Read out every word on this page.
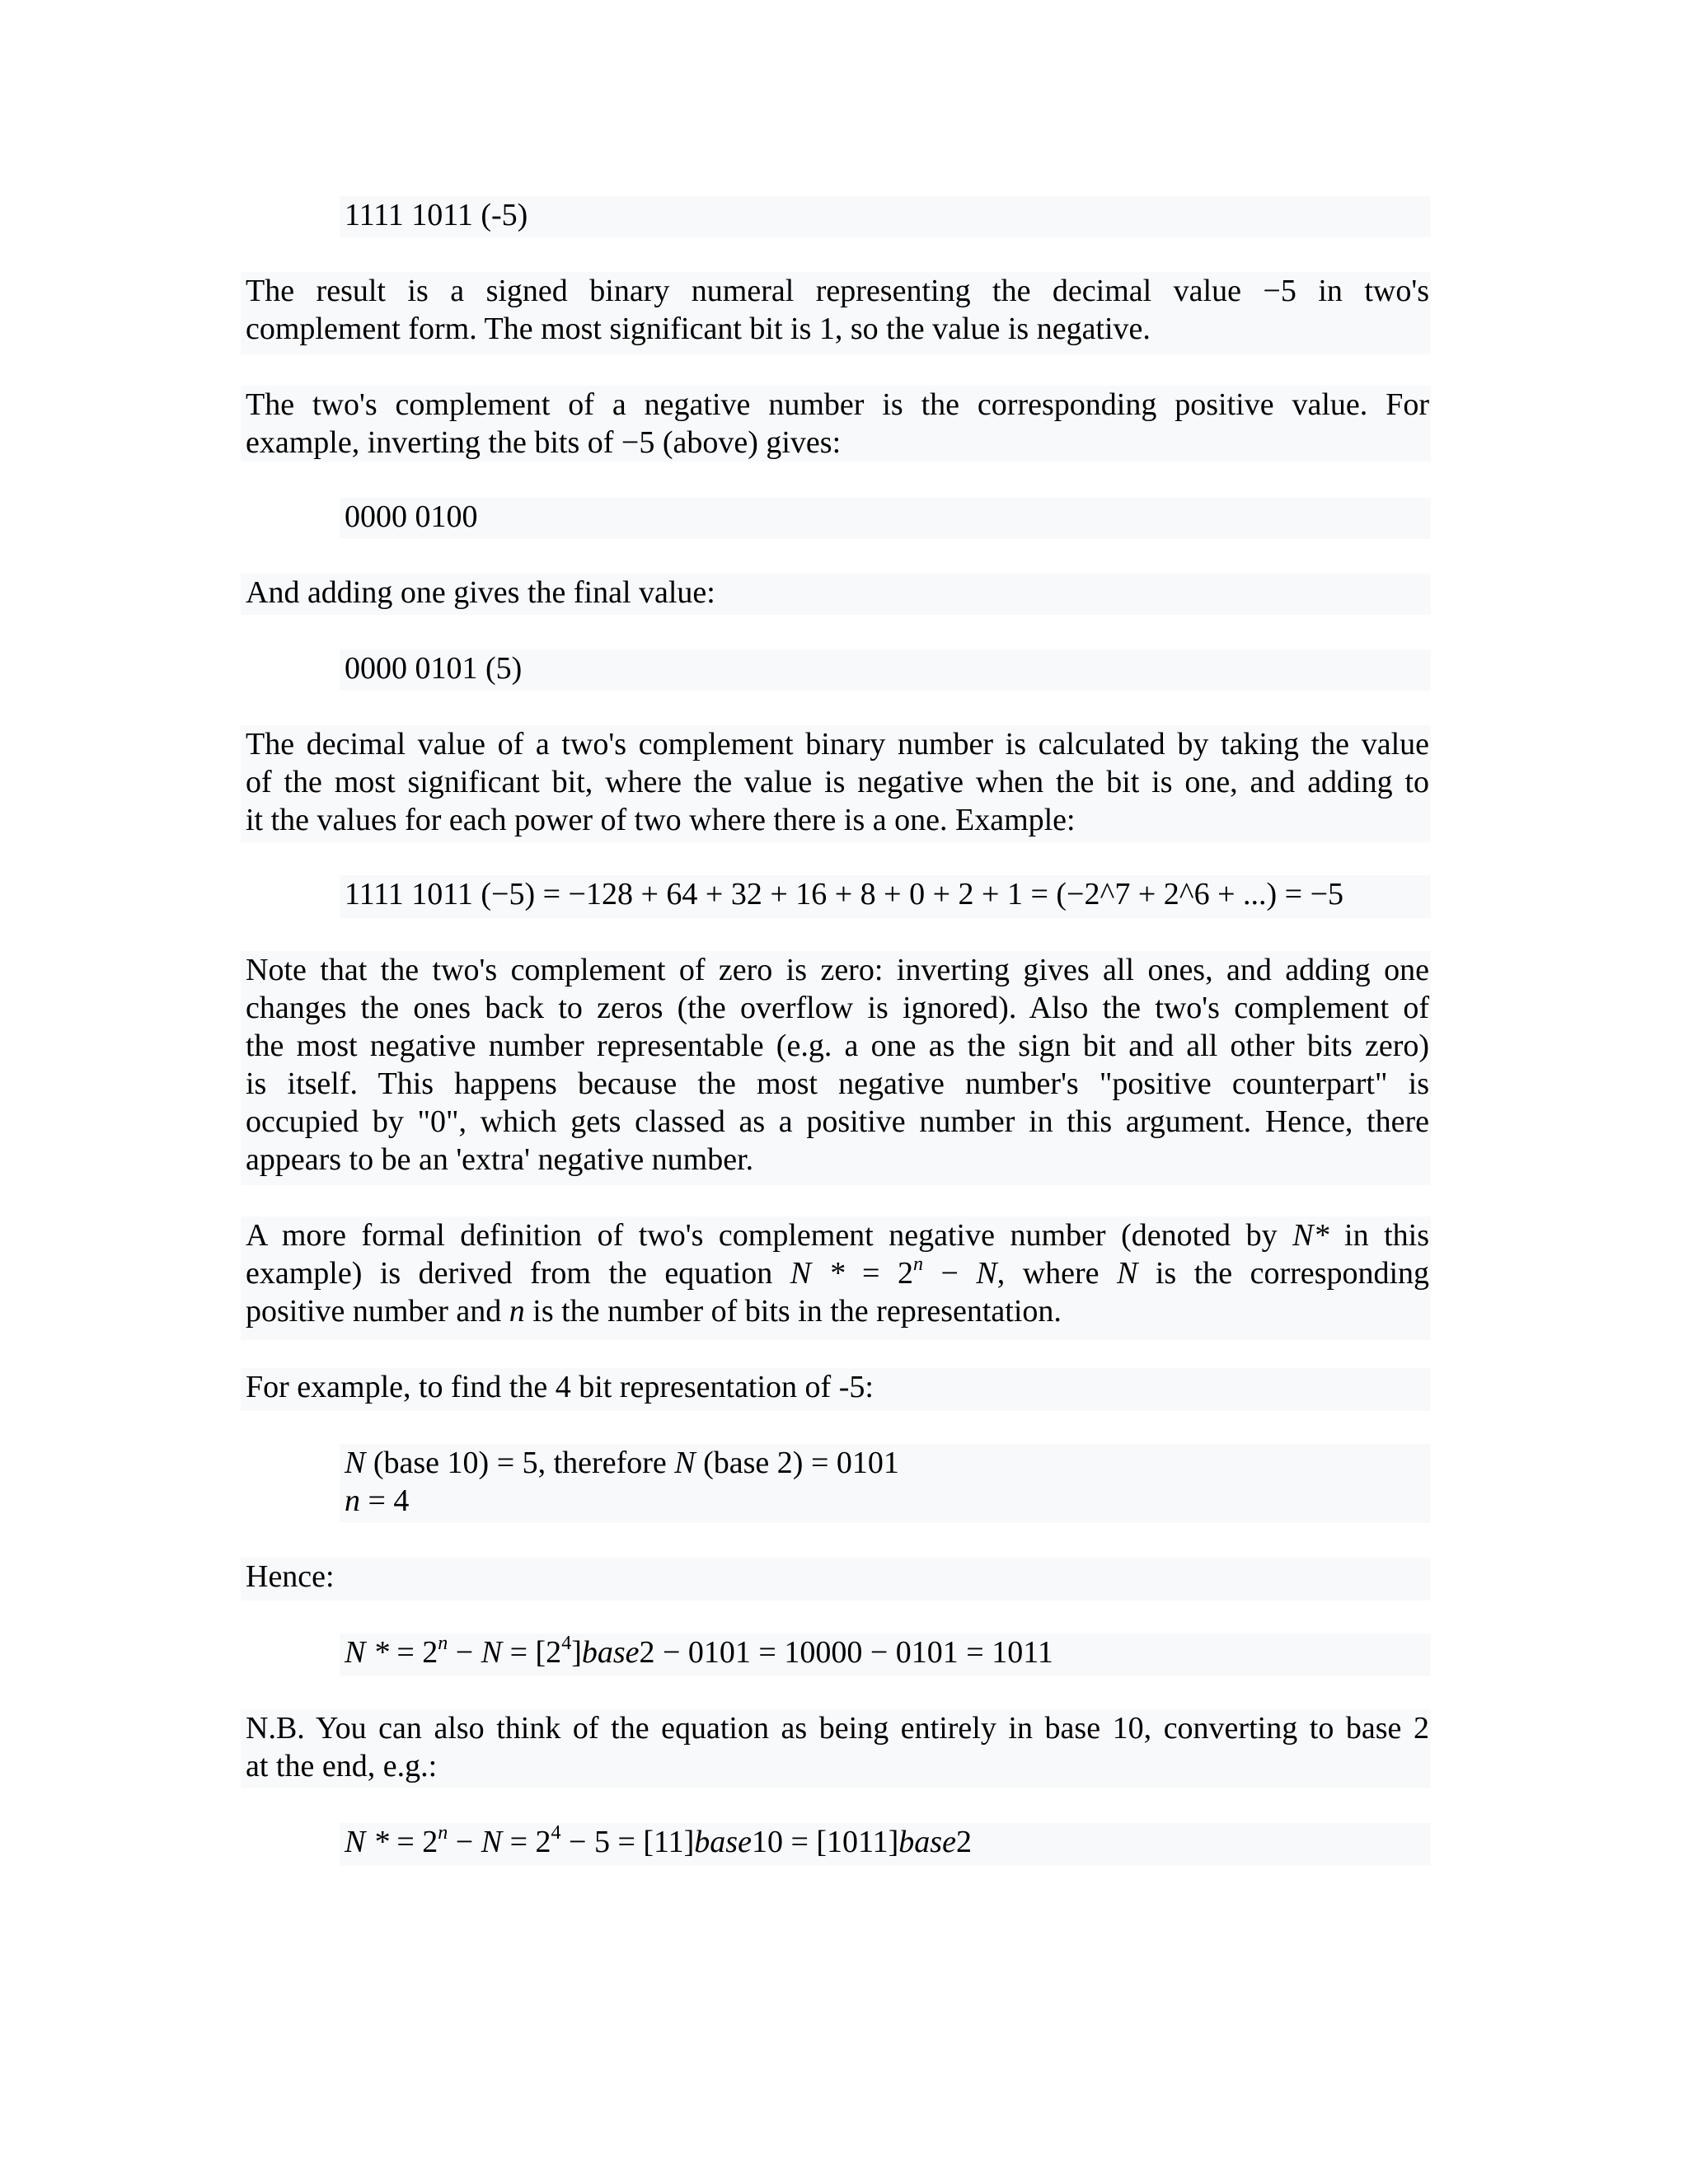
1111 1011 (-5)
The result is a signed binary numeral representing the decimal value −5 in two's
complement form. The most significant bit is 1, so the value is negative.
The two's complement of a negative number is the corresponding positive value. For
example, inverting the bits of −5 (above) gives:
0000 0100
And adding one gives the final value:
0000 0101 (5)
The decimal value of a two's complement binary number is calculated by taking the value
of the most significant bit, where the value is negative when the bit is one, and adding to
it the values for each power of two where there is a one. Example:
1111 1011 (−5) = −128 + 64 + 32 + 16 + 8 + 0 + 2 + 1 = (−2^7 + 2^6 + ...) = −5
Note that the two's complement of zero is zero: inverting gives all ones, and adding one
changes the ones back to zeros (the overflow is ignored). Also the two's complement of
the most negative number representable (e.g. a one as the sign bit and all other bits zero)
is itself. This happens because the most negative number's "positive counterpart" is
occupied by "0", which gets classed as a positive number in this argument. Hence, there
appears to be an 'extra' negative number.
A more formal definition of two's complement negative number (denoted by N* in this
example) is derived from the equation N * = $2^n - N$, where N is the corresponding
positive number and n is the number of bits in the representation.
For example, to find the 4 bit representation of -5:
N (base 10) = 5, therefore N (base 2) = 0101
n = 4
Hence:
N * = $2^n - N$ = $[2^4]base2 - 0101 = 10000 - 0101 = 1011$
N.B. You can also think of the equation as being entirely in base 10, converting to base 2
at the end, e.g.:
N * = $2^n - N = 2^4 - 5$ = [11]base10 = [1011]base2
